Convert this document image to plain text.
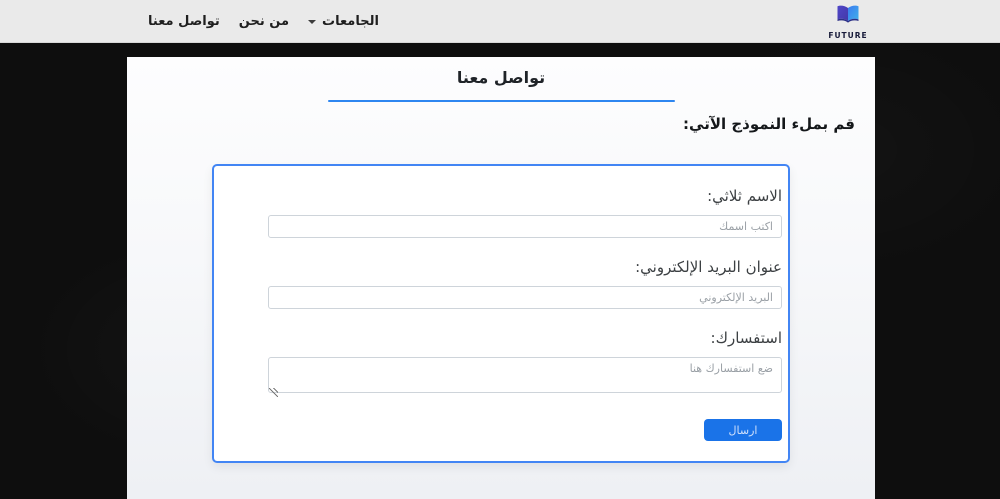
الجامعات
من نحن
تواصل معنا
FUTURE
تواصل معنا
قم بملء النموذج الآتي:
الاسم ثلاثي:
اكتب اسمك
عنوان البريد الإلكتروني:
البريد الإلكتروني
استفسارك:
ضع استفسارك هنا
ارسال
